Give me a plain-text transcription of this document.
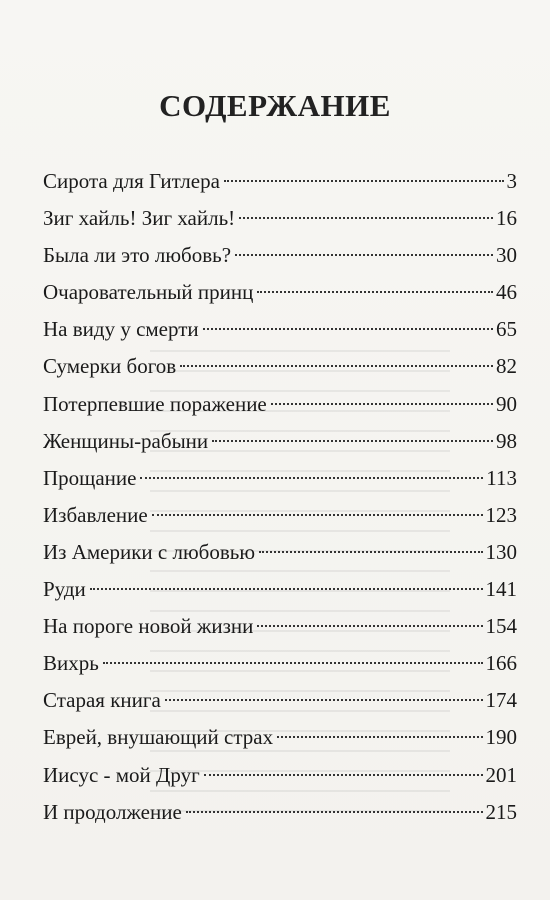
СОДЕРЖАНИЕ
Сирота для Гитлера	3
Зиг хайль! Зиг хайль!	16
Была ли это любовь?	30
Очаровательный принц	46
На виду у смерти	65
Сумерки богов	82
Потерпевшие поражение	90
Женщины-рабыни	98
Прощание	113
Избавление	123
Из Америки с любовью	130
Руди	141
На пороге новой жизни	154
Вихрь	166
Старая книга	174
Еврей, внушающий страх	190
Иисус - мой Друг	201
И продолжение	215
